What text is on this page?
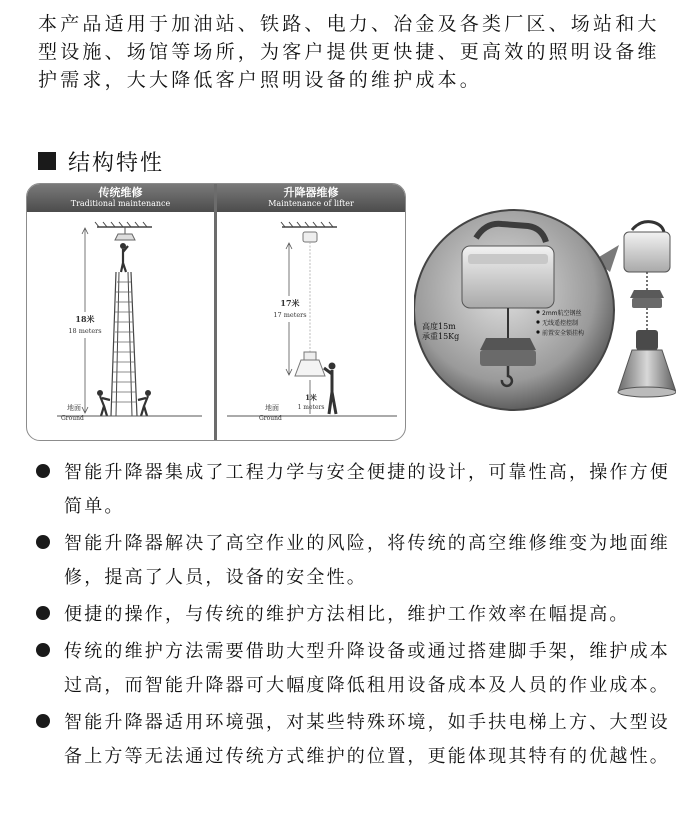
本产品适用于加油站、铁路、电力、冶金及各类厂区、场站和大型设施、场馆等场所，为客户提供更快捷、更高效的照明设备维护需求，大大降低客户照明设备的维护成本。
结构特性
传统维修
Traditional maintenance
升降器维修
Maintenance of lifter
18米
18 meters
地面
Ground
17米
17 meters
1米
1 meters
地面
Ground
高度15m
承重15Kg
2mm航空钢丝
无线遥控控制
前置安全锁挂构
智能升降器集成了工程力学与安全便捷的设计，可靠性高，操作方便简单。
智能升降器解决了高空作业的风险，将传统的高空维修维变为地面维修，提高了人员，设备的安全性。
便捷的操作，与传统的维护方法相比，维护工作效率在幅提高。
传统的维护方法需要借助大型升降设备或通过搭建脚手架，维护成本过高，而智能升降器可大幅度降低租用设备成本及人员的作业成本。
智能升降器适用环境强，对某些特殊环境，如手扶电梯上方、大型设备上方等无法通过传统方式维护的位置，更能体现其特有的优越性。
